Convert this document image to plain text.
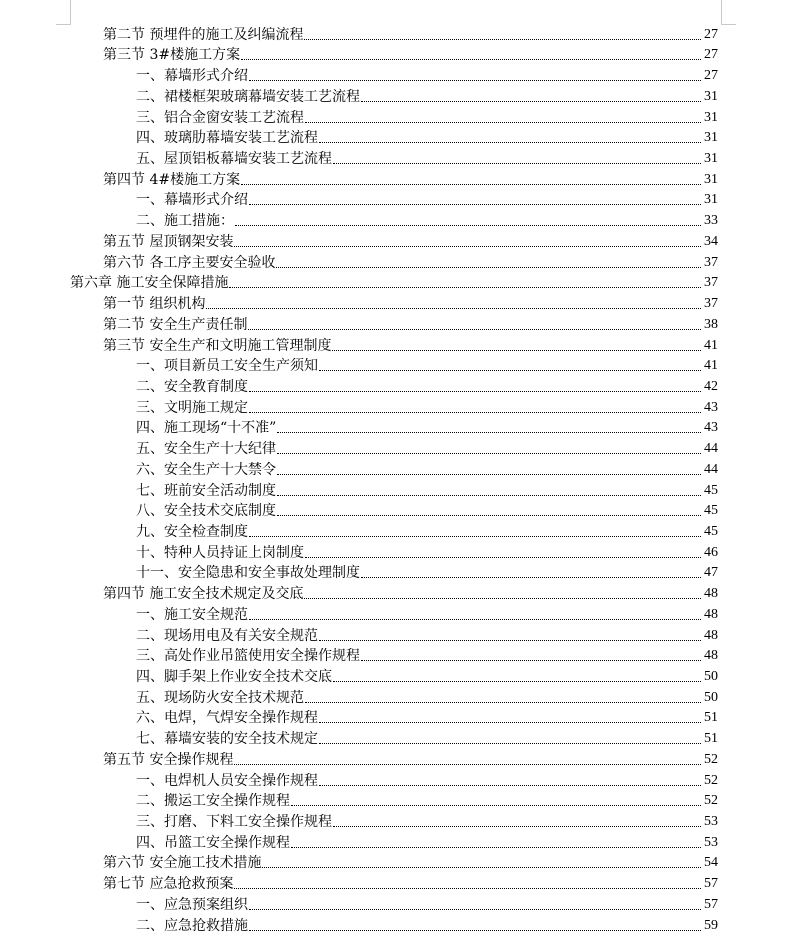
第二节 预埋件的施工及纠编流程	27
第三节 3#楼施工方案	27
一、幕墙形式介绍	27
二、裙楼框架玻璃幕墙安装工艺流程	31
三、铝合金窗安装工艺流程	31
四、玻璃肋幕墙安装工艺流程	31
五、屋顶铝板幕墙安装工艺流程	31
第四节 4#楼施工方案	31
一、幕墙形式介绍	31
二、施工措施：	33
第五节 屋顶钢架安装	34
第六节 各工序主要安全验收	37
第六章 施工安全保障措施	37
第一节 组织机构	37
第二节 安全生产责任制	38
第三节 安全生产和文明施工管理制度	41
一、项目新员工安全生产须知	41
二、安全教育制度	42
三、文明施工规定	43
四、施工现场“十不准”	43
五、安全生产十大纪律	44
六、安全生产十大禁令	44
七、班前安全活动制度	45
八、安全技术交底制度	45
九、安全检查制度	45
十、特种人员持证上岗制度	46
十一、安全隐患和安全事故处理制度	47
第四节 施工安全技术规定及交底	48
一、施工安全规范	48
二、现场用电及有关安全规范	48
三、高处作业吊篮使用安全操作规程	48
四、脚手架上作业安全技术交底	50
五、现场防火安全技术规范	50
六、电焊，气焊安全操作规程	51
七、幕墙安装的安全技术规定	51
第五节 安全操作规程	52
一、电焊机人员安全操作规程	52
二、搬运工安全操作规程	52
三、打磨、下料工安全操作规程	53
四、吊篮工安全操作规程	53
第六节 安全施工技术措施	54
第七节 应急抢救预案	57
一、应急预案组织	57
二、应急抢救措施	59
